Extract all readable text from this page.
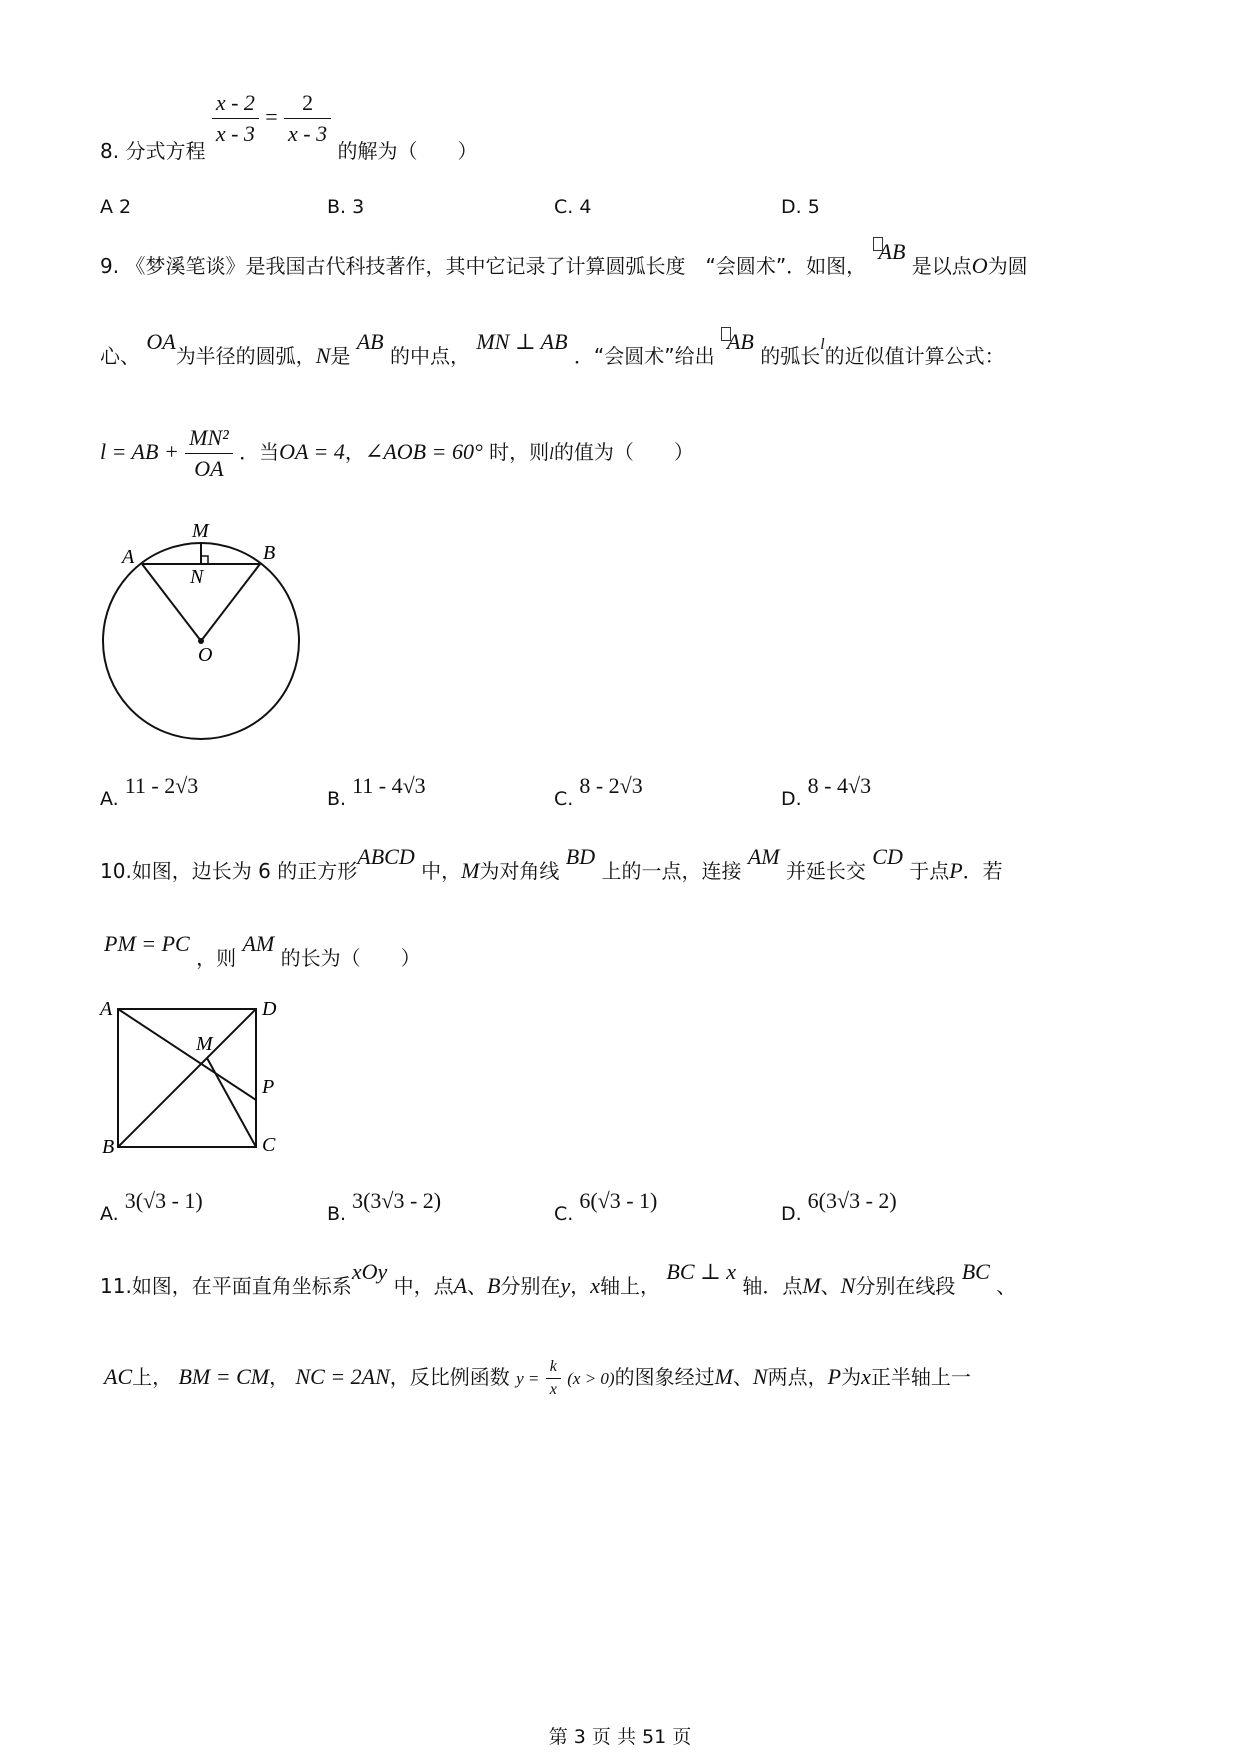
8. 分式方程
$\frac{x - 2}{x - 3} = \frac{2}{x - 3}$
的解为（　　）
A 2	B. 3	C. 4	D. 5
9. 《梦溪笔谈》是我国古代科技著作，其中它记录了计算圆弧长度　“会圆术”．如图， AB 是以点O为圆
心、 OA为半径的圆弧，N是 AB 的中点， MN ⊥ AB ．“会圆术”给出 AB 的弧长$^l$的近似值计算公式：
l = AB + $\frac{\text{MN²}}{OA}$ ．当OA = 4，∠AOB = 60° 时，则l的值为（　　）
M
A	B
N
O
A.11 - 2√3
B.11 - 4√3
C.8 - 2√3
D.8 - 4√3
10.如图，边长为 6 的正方形ABCD 中，M为对角线 BD 上的一点，连接 AM 并延长交 CD 于点P．若
PM = PC ，则 AM 的长为（　　）
A	D
M
P
B	C
A.3(√3 - 1)
B.3(3√3 - 2)
C.6(√3 - 1)
D.6(3√3 - 2)
11.如图，在平面直角坐标系xOy 中，点A、B分别在y，x轴上， BC ⊥ x 轴．点M、N分别在线段 BC 、
AC上， BM = CM， NC = 2AN，反比例函数 $y = \frac{k}{x} (x > 0)$的图象经过M、N两点，P为x正半轴上一
第 3 页 共 51 页
